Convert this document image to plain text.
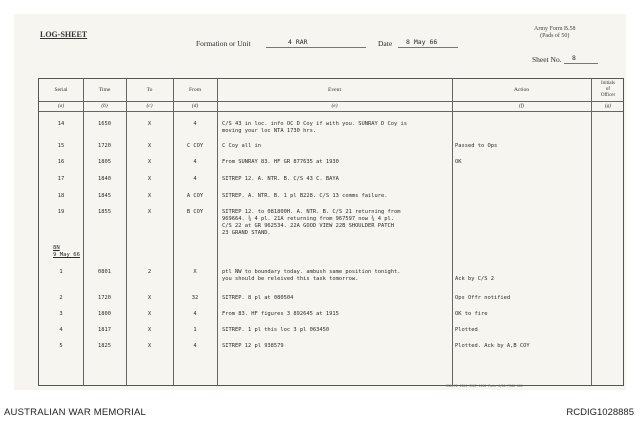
LOG-SHEET
Army Form B.58
(Pads of 50)
Formation or Unit	4 RAR	Date 8 May 66
Sheet No. 8
Serial	Time	To	From	Event	Action
Initials
of
Officer
(a)	(b)	(c)	(d)	(e)	(f)	(g)
14	1650	X	4	C/S 43 in loc. info OC D Coy if with you. SUNRAY D Coy is
moving your loc NTA 1730 hrs.
15	1720	X	C COY	C Coy all in	Passed to Ops
16	1805	X	4	From SUNRAY 83. HF GR 877635 at 1930	OK
17	1840	X	4	SITREP 12. A. NTR. B. C/S 43 C. BAYA
18	1845	X	A COY	SITREP. A. NTR. B. 1 pl B228. C/S 13 comms failure.
19	1855	X	B COY	SITREP 12. to 081800H. A. NTR. B. C/S 21 returning from
969664. ¾ 4 pl. 21A returning from 967597 now ¾ 4 pl.
C/S 22 at GR 962534. 22A GOOD VIEW 22B SHOULDER PATCH
23 GRAND STAND.
8N
9 May 66
1	0801	2	X	ptl NW to boundary today. ambush same position tonight.
you should be releived this task tomorrow.	Ack by C/S 2
2	1720	X	32	SITREP. 8 pl at 080504	Ops Offr notified
3	1800	X	4	From 83. HF figures 3 892645 at 1915	OK to fire
4	1817	X	1	SITREP. 1 pl this loc 3 pl 063450	Plotted
5	1825	X	4	SITREP 12 pl 938579	Plotted. Ack by A,B COY
MR2170 1364 1967 1150 Pads 4/66 F208 001
AUSTRALIAN WAR MEMORIAL	RCDIG1028885
